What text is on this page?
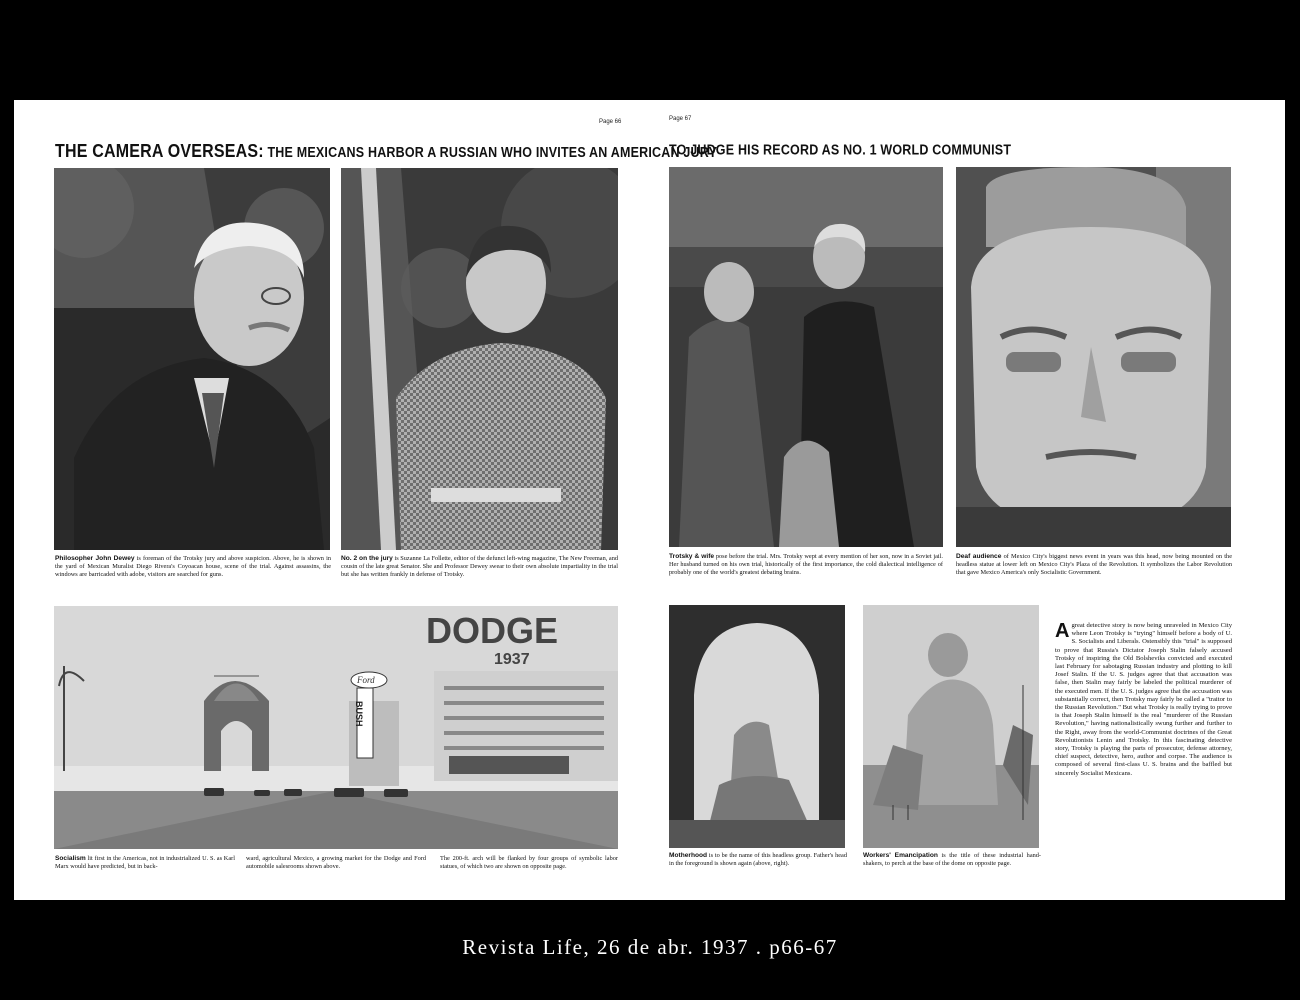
Page 66	Page 67
THE CAMERA OVERSEAS: THE MEXICANS HARBOR A RUSSIAN WHO INVITES AN AMERICAN JURY
TO JUDGE HIS RECORD AS NO. 1 WORLD COMMUNIST
DODGE
1937
Ford
BUSH
Philosopher John Dewey is foreman of the Trotsky jury and above suspicion. Above, he is shown in the yard of Mexican Muralist Diego Rivera's Coyoacan house, scene of the trial. Against assassins, the windows are barricaded with adobe, visitors are searched for guns.
No. 2 on the jury is Suzanne La Follette, editor of the defunct left-wing magazine, The New Freeman, and cousin of the late great Senator. She and Professor Dewey swear to their own absolute impartiality in the trial but she has written frankly in defense of Trotsky.
Trotsky & wife pose before the trial. Mrs. Trotsky wept at every mention of her son, now in a Soviet jail. Her husband turned on his own trial, historically of the first importance, the cold dialectical intelligence of probably one of the world's greatest debating brains.
Deaf audience of Mexico City's biggest news event in years was this head, now being mounted on the headless statue at lower left on Mexico City's Plaza of the Revolution. It symbolizes the Labor Revolution that gave Mexico America's only Socialistic Government.
Socialism lit first in the Americas, not in industrialized U. S. as Karl Marx would have predicted, but in back-
ward, agricultural Mexico, a growing market for the Dodge and Ford automobile salesrooms shown above.
The 200-ft. arch will be flanked by four groups of symbolic labor statues, of which two are shown on opposite page.
Motherhood is to be the name of this headless group. Father's head in the foreground is shown again (above, right).
Workers' Emancipation is the title of these industrial hand-shakers, to perch at the base of the dome on opposite page.
Agreat detective story is now being unraveled in Mexico City where Leon Trotsky is "trying" himself before a body of U. S. Socialists and Liberals. Ostensibly this "trial" is supposed to prove that Russia's Dictator Joseph Stalin falsely accused Trotsky of inspiring the Old Bolsheviks convicted and executed last February for sabotaging Russian industry and plotting to kill Josef Stalin. If the U. S. judges agree that that accusation was false, then Stalin may fairly be labeled the political murderer of the executed men. If the U. S. judges agree that the accusation was substantially correct, then Trotsky may fairly be called a "traitor to the Russian Revolution." But what Trotsky is really trying to prove is that Joseph Stalin himself is the real "murderer of the Russian Revolution," having nationalistically swung further and further to the Right, away from the world-Communist doctrines of the Great Revolutionists Lenin and Trotsky. In this fascinating detective story, Trotsky is playing the parts of prosecutor, defense attorney, chief suspect, detective, hero, author and corpse. The audience is composed of several first-class U. S. brains and the baffled but sincerely Socialist Mexicans.
Revista Life, 26 de abr. 1937 . p66-67
